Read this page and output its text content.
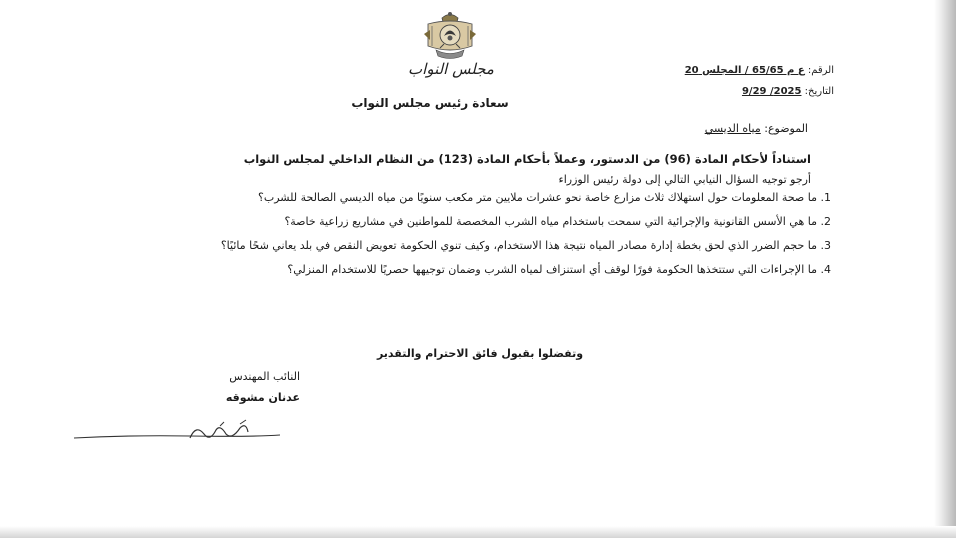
مجلس النواب	الرقم: ع م 65/65 / المجلس 20
التاريخ: 2025/ 9/29
سعادة رئيس مجلس النواب
الموضوع: مياه الديسي
استناداً لأحكام المادة (96) من الدستور، وعملاً بأحكام المادة (123) من النظام الداخلي لمجلس النواب
أرجو توجيه السؤال النيابي التالي إلى دولة رئيس الوزراء
1. ما صحة المعلومات حول استهلاك ثلاث مزارع خاصة نحو عشرات ملايين متر مكعب سنويًا من مياه الديسي الصالحة للشرب؟
2. ما هي الأسس القانونية والإجرائية التي سمحت باستخدام مياه الشرب المخصصة للمواطنين في مشاريع زراعية خاصة؟
3. ما حجم الضرر الذي لحق بخطة إدارة مصادر المياه نتيجة هذا الاستخدام، وكيف تنوي الحكومة تعويض النقص في بلد يعاني شحًا مائيًا؟
4. ما الإجراءات التي ستتخذها الحكومة فورًا لوقف أي استنزاف لمياه الشرب وضمان توجيهها حصريًا للاستخدام المنزلي؟
وتفضلوا بقبول فائق الاحترام والتقدير
النائب المهندس
عدنان مشوقه
